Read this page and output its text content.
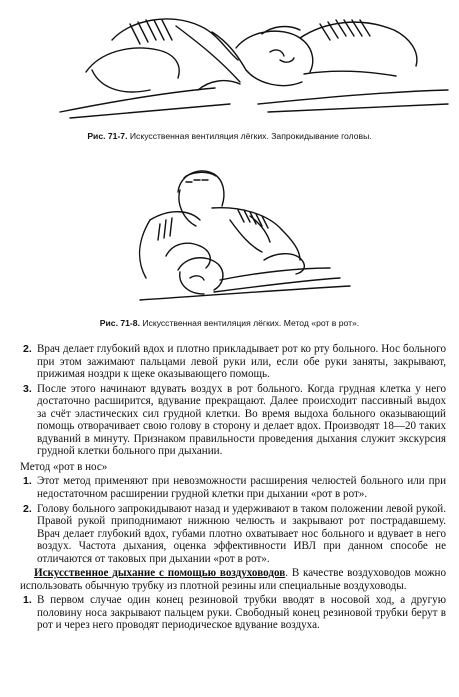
Рис. 71-7. Искусственная вентиляция лёгких. Запрокидывание головы.
Рис. 71-8. Искусственная вентиляция лёгких. Метод «рот в рот».
2. Врач делает глубокий вдох и плотно прикладывает рот ко рту больного. Нос больного при этом зажимают пальцами левой руки или, если обе руки заняты, закрывают, прижимая ноздри к щеке оказывающего помощь.
3. После этого начинают вдувать воздух в рот больного. Когда грудная клетка у него достаточно расширится, вдувание прекращают. Далее происходит пассивный выдох за счёт эластических сил грудной клетки. Во время выдоха больного оказывающий помощь отворачивает свою голову в сторону и делает вдох. Производят 18—20 таких вдуваний в минуту. Признаком правильности проведения дыхания служит экскурсия грудной клетки больного при дыхании.
Метод «рот в нос»
1. Этот метод применяют при невозможности расширения челюстей больного или при недостаточном расширении грудной клетки при дыхании «рот в рот».
2. Голову больного запрокидывают назад и удерживают в таком положении левой рукой. Правой рукой приподнимают нижнюю челюсть и закрывают рот пострадавшему. Врач делает глубокий вдох, губами плотно охватывает нос больного и вдувает в него воздух. Частота дыхания, оценка эффективности ИВЛ при данном способе не отличаются от таковых при дыхании «рот в рот».
Искусственное дыхание с помощью воздуховодов. В качестве воздуховодов можно использовать обычную трубку из плотной резины или специальные воздуховоды.
1. В первом случае один конец резиновой трубки вводят в носовой ход, а другую половину носа закрывают пальцем руки. Свободный конец резиновой трубки берут в рот и через него проводят периодическое вдувание воздуха.
